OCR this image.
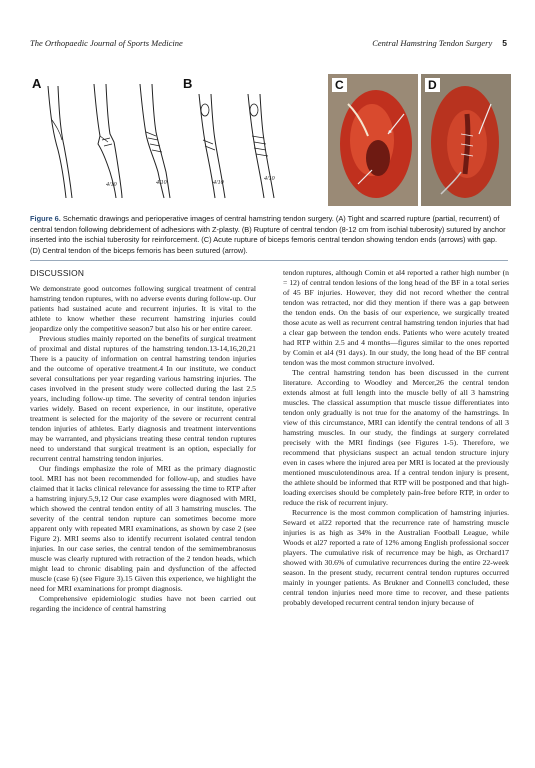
The Orthopaedic Journal of Sports Medicine	Central Hamstring Tendon Surgery 5
A	B
4/10	4/10	4/10
4/10
C	D

Figure 6. Schematic drawings and perioperative images of central hamstring tendon surgery. (A) Tight and scarred rupture (partial, recurrent) of central tendon following debridement of adhesions with Z-plasty. (B) Rupture of central tendon (8-12 cm from ischial tuberosity) sutured by anchor inserted into the ischial tuberosity for reinforcement. (C) Acute rupture of biceps femoris central tendon showing tendon ends (arrows) with gap. (D) Central tendon of the biceps femoris has been sutured (arrow).

DISCUSSION

We demonstrate good outcomes following surgical treatment of central hamstring tendon ruptures, with no adverse events during follow-up. Our patients had sustained acute and recurrent injuries. It is vital to the athlete to know whether these recurrent hamstring injuries could jeopardize only the competitive season7 but also his or her entire career.

Previous studies mainly reported on the benefits of surgical treatment of proximal and distal ruptures of the hamstring tendon.13-14,16,20,21 There is a paucity of information on central hamstring tendon injuries and the outcome of operative treatment.4 In our institute, we conduct several consultations per year regarding various hamstring injuries. The cases involved in the present study were collected during the last 2.5 years, including follow-up time. The severity of central tendon injuries varies widely. Based on recent experience, in our institute, operative treatment is selected for the majority of the severe or recurrent central tendon injuries of athletes. Early diagnosis and treatment interventions may be warranted, and physicians treating these central tendon ruptures need to understand that surgical treatment is an option, especially for recurrent central hamstring tendon injuries.

Our findings emphasize the role of MRI as the primary diagnostic tool. MRI has not been recommended for follow-up, and studies have claimed that it lacks clinical relevance for assessing the time to RTP after a hamstring injury.5,9,12 Our case examples were diagnosed with MRI, which showed the central tendon entity of all 3 hamstring muscles. The severity of the central tendon rupture can sometimes become more apparent only with repeated MRI examinations, as shown by case 2 (see Figure 2). MRI seems also to identify recurrent isolated central tendon injuries. In our case series, the central tendon of the semimembranosus muscle was clearly ruptured with retraction of the 2 tendon heads, which might lead to chronic disabling pain and dysfunction of the affected muscle (case 6) (see Figure 3).15 Given this experience, we highlight the need for MRI examinations for prompt diagnosis.

Comprehensive epidemiologic studies have not been carried out regarding the incidence of central hamstring

tendon ruptures, although Comin et al4 reported a rather high number (n = 12) of central tendon lesions of the long head of the BF in a total series of 45 BF injuries. However, they did not record whether the central tendon was retracted, nor did they mention if there was a gap between the tendon ends. On the basis of our experience, we surgically treated those acute as well as recurrent central hamstring tendon injuries that had a clear gap between the tendon ends. Patients who were acutely treated had RTP within 2.5 and 4 months—figures similar to the ones reported by Comin et al4 (91 days). In our study, the long head of the BF central tendon was the most common structure involved.

The central hamstring tendon has been discussed in the current literature. According to Woodley and Mercer,26 the central tendon extends almost at full length into the muscle belly of all 3 hamstring muscles. The classical assumption that muscle tissue differentiates into tendon only gradually is not true for the anatomy of the hamstrings. In view of this circumstance, MRI can identify the central tendons of all 3 hamstring muscles. In our study, the findings at surgery correlated precisely with the MRI findings (see Figures 1-5). Therefore, we recommend that physicians suspect an actual tendon structure injury even in cases where the injured area per MRI is located at the previously mentioned musculotendinous area. If a central tendon injury is present, the athlete should be informed that RTP will be postponed and that high-loading exercises should be completely pain-free before RTP, in order to reduce the risk of recurrent injury.

Recurrence is the most common complication of hamstring injuries. Seward et al22 reported that the recurrence rate of hamstring muscle injuries is as high as 34% in the Australian Football League, while Woods et al27 reported a rate of 12% among English professional soccer players. The cumulative risk of recurrence may be high, as Orchard17 showed with 30.6% of cumulative recurrences during the entire 22-week season. In the present study, recurrent central tendon ruptures occurred mainly in younger patients. As Brukner and Connell3 concluded, these central tendon injuries need more time to recover, and these patients probably developed recurrent central tendon injury because of
